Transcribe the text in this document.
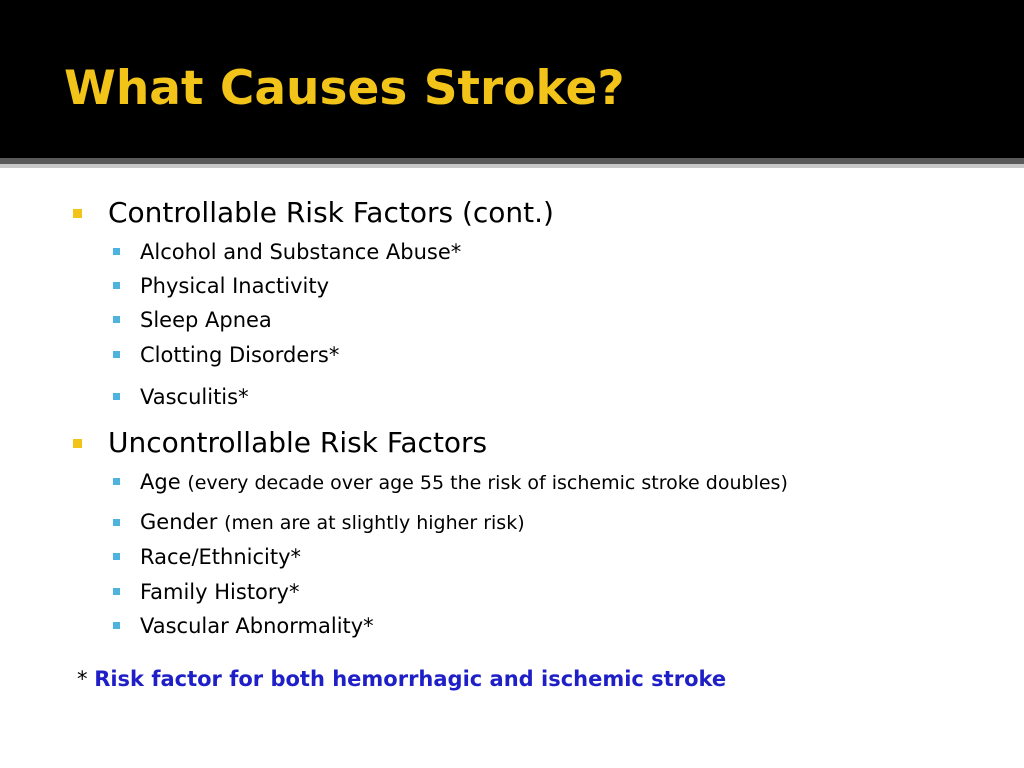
What Causes Stroke?
Controllable Risk Factors (cont.)
Alcohol and Substance Abuse*
Physical Inactivity
Sleep Apnea
Clotting Disorders*
Vasculitis*
Uncontrollable Risk Factors
Age (every decade over age 55 the risk of ischemic stroke doubles)
Gender (men are at slightly higher risk)
Race/Ethnicity*
Family History*
Vascular Abnormality*
* Risk factor for both hemorrhagic and ischemic stroke
